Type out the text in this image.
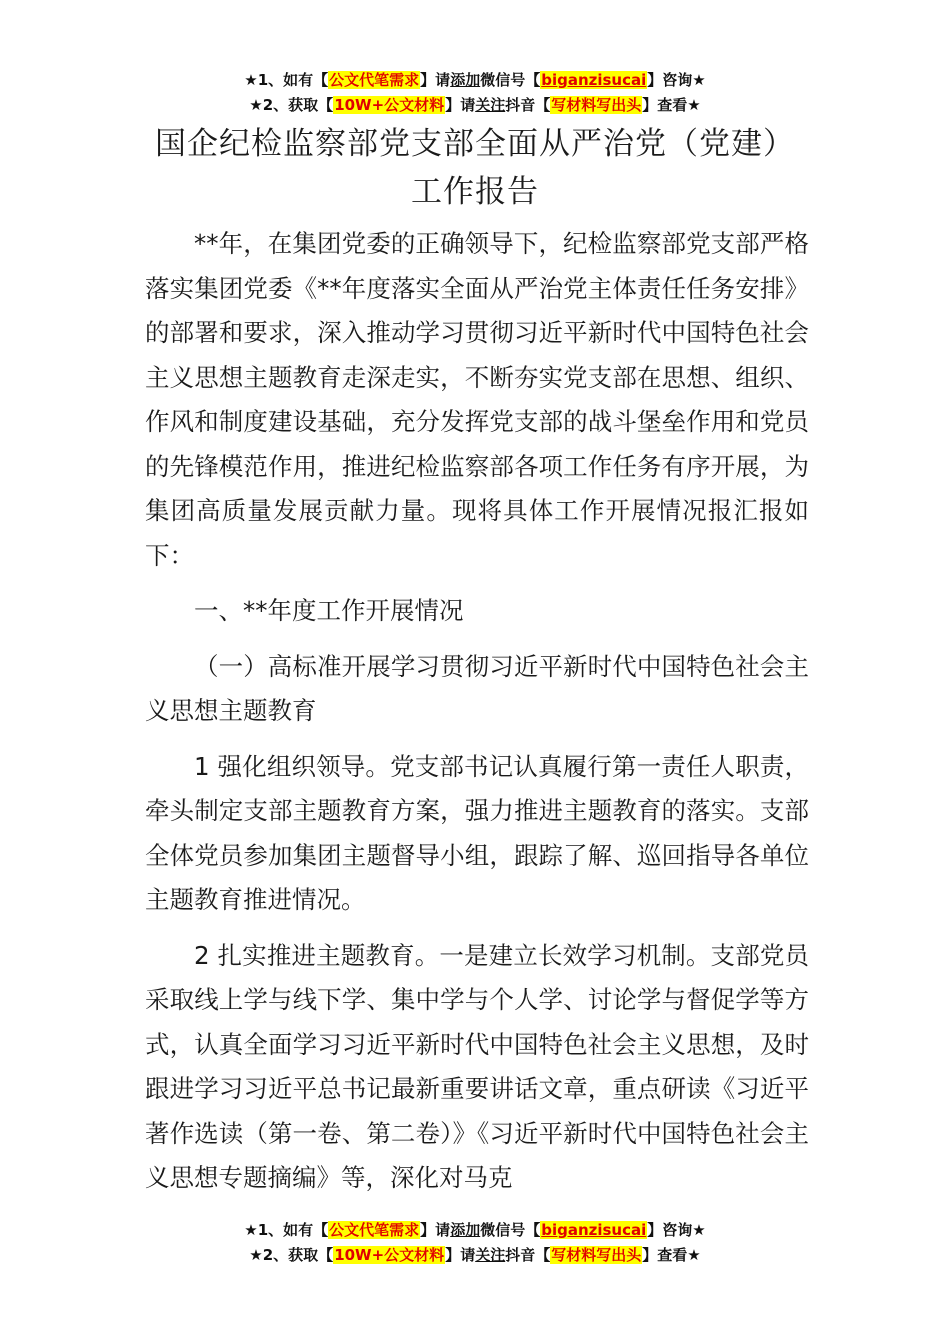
★1、如有【公文代笔需求】请添加微信号【biganzisucai】咨询★
★2、获取【10W+公文材料】请关注抖音【写材料写出头】查看★
国企纪检监察部党支部全面从严治党（党建）工作报告

**年，在集团党委的正确领导下，纪检监察部党支部严格落实集团党委《**年度落实全面从严治党主体责任任务安排》的部署和要求，深入推动学习贯彻习近平新时代中国特色社会主义思想主题教育走深走实，不断夯实党支部在思想、组织、作风和制度建设基础，充分发挥党支部的战斗堡垒作用和党员的先锋模范作用，推进纪检监察部各项工作任务有序开展，为集团高质量发展贡献力量。现将具体工作开展情况报汇报如下：

一、**年度工作开展情况

（一）高标准开展学习贯彻习近平新时代中国特色社会主义思想主题教育

1 强化组织领导。党支部书记认真履行第一责任人职责，牵头制定支部主题教育方案，强力推进主题教育的落实。支部全体党员参加集团主题督导小组，跟踪了解、巡回指导各单位主题教育推进情况。

2 扎实推进主题教育。一是建立长效学习机制。支部党员采取线上学与线下学、集中学与个人学、讨论学与督促学等方式，认真全面学习习近平新时代中国特色社会主义思想，及时跟进学习习近平总书记最新重要讲话文章，重点研读《习近平著作选读（第一卷、第二卷）》《习近平新时代中国特色社会主义思想专题摘编》等，深化对马克

★1、如有【公文代笔需求】请添加微信号【biganzisucai】咨询★
★2、获取【10W+公文材料】请关注抖音【写材料写出头】查看★
